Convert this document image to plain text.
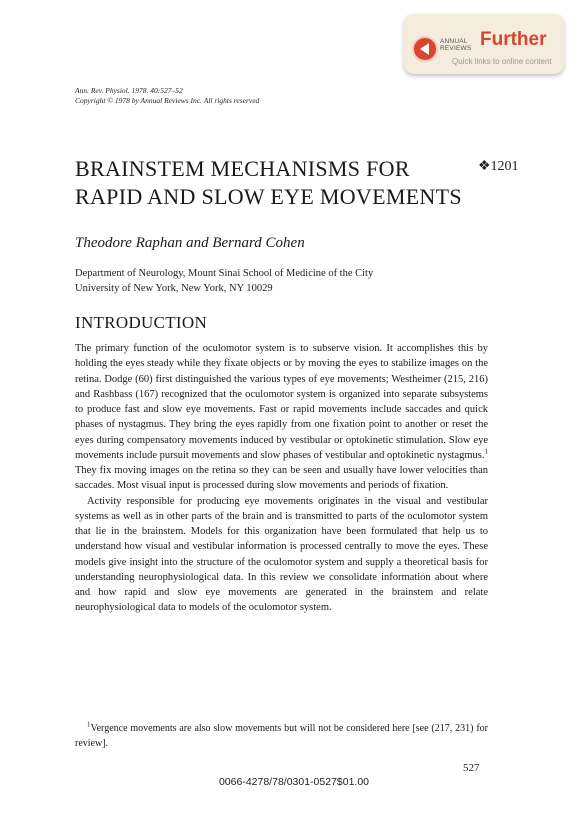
ANNUAL
REVIEWS Further
Quick links to online content
Ann. Rev. Physiol. 1978. 40:527–52
Copyright © 1978 by Annual Reviews Inc. All rights reserved
BRAINSTEM MECHANISMS FOR
RAPID AND SLOW EYE MOVEMENTS
❖1201
Theodore Raphan and Bernard Cohen
Department of Neurology, Mount Sinai School of Medicine of the City
University of New York, New York, NY 10029
INTRODUCTION

The primary function of the oculomotor system is to subserve vision. It accomplishes this by holding the eyes steady while they fixate objects or by moving the eyes to stabilize images on the retina. Dodge (60) first distinguished the various types of eye movements; Westheimer (215, 216) and Rashbass (167) recognized that the oculomotor system is organized into separate subsystems to produce fast and slow eye movements. Fast or rapid movements include saccades and quick phases of nystagmus. They bring the eyes rapidly from one fixation point to another or reset the eyes during compensatory movements induced by vestibular or optokinetic stimulation. Slow eye movements include pursuit movements and slow phases of vestibular and optokinetic nystagmus.$^1$ They fix moving images on the retina so they can be seen and usually have lower velocities than saccades. Most visual input is processed during slow movements and periods of fixation.

Activity responsible for producing eye movements originates in the visual and vestibular systems as well as in other parts of the brain and is transmitted to parts of the oculomotor system that lie in the brainstem. Models for this organization have been formulated that help us to understand how visual and vestibular information is processed centrally to move the eyes. These models give insight into the structure of the oculomotor system and supply a theoretical basis for understanding neurophysiological data. In this review we consolidate information about where and how rapid and slow eye movements are generated in the brainstem and relate neurophysiological data to models of the oculomotor system.

$^1$Vergence movements are also slow movements but will not be considered here [see (217, 231) for review].
527
0066-4278/78/0301-0527$01.00
